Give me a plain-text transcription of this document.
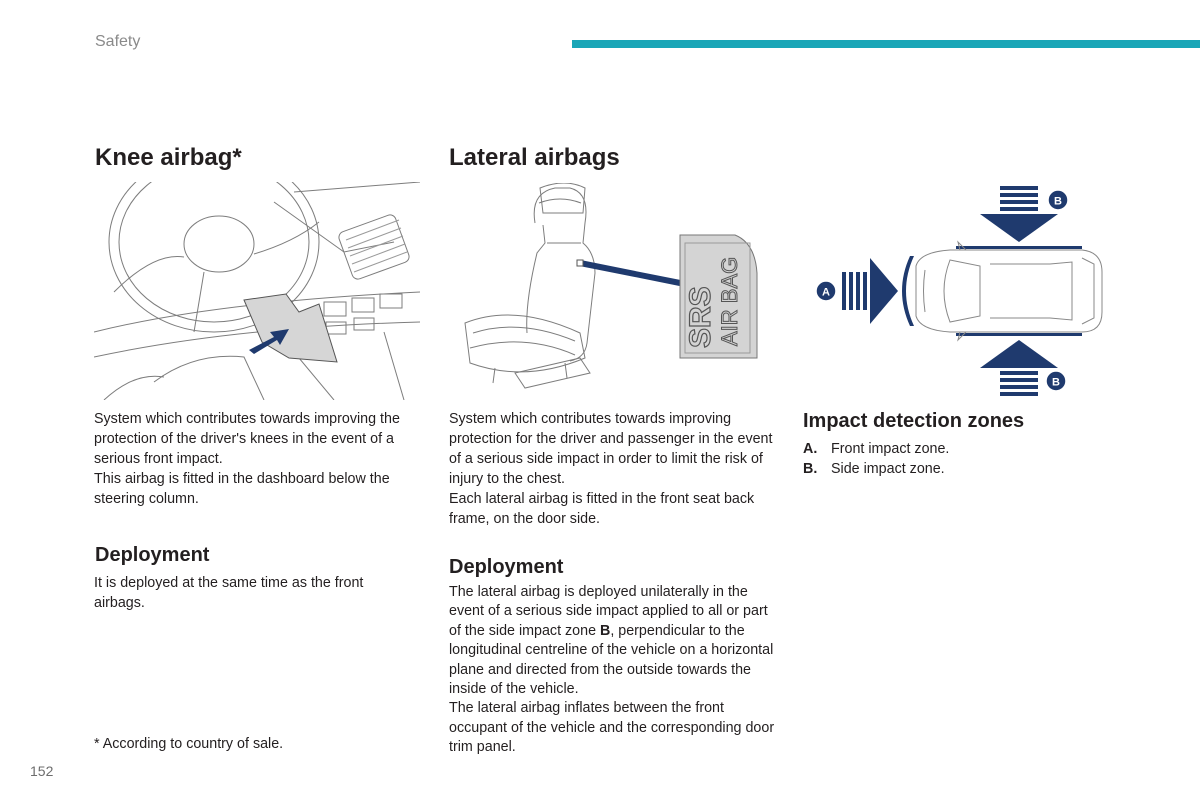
Safety
Knee airbag*

System which contributes towards improving the protection of the driver's knees in the event of a serious front impact.

This airbag is fitted in the dashboard below the steering column.

Deployment

It is deployed at the same time as the front airbags.

* According to country of sale.
Lateral airbags
SRS AIR BAG

System which contributes towards improving protection for the driver and passenger in the event of a serious side impact in order to limit the risk of injury to the chest.

Each lateral airbag is fitted in the front seat back frame, on the door side.

Deployment

The lateral airbag is deployed unilaterally in the event of a serious side impact applied to all or part of the side impact zone B, perpendicular to the longitudinal centreline of the vehicle on a horizontal plane and directed from the outside towards the inside of the vehicle.

The lateral airbag inflates between the front occupant of the vehicle and the corresponding door trim panel.

B
B
A
Impact detection zones
A. Front impact zone.
B. Side impact zone.
152
